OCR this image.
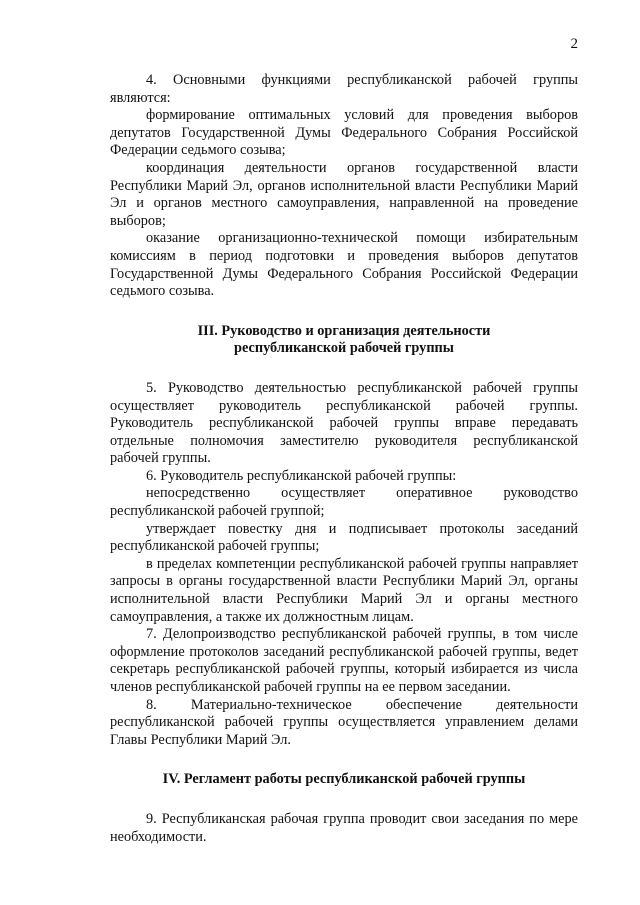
2

4. Основными функциями республиканской рабочей группы являются:

формирование оптимальных условий для проведения выборов депутатов Государственной Думы Федерального Собрания Российской Федерации седьмого созыва;

координация деятельности органов государственной власти Республики Марий Эл, органов исполнительной власти Республики Марий Эл и органов местного самоуправления, направленной на проведение выборов;

оказание организационно-технической помощи избирательным комиссиям в период подготовки и проведения выборов депутатов Государственной Думы Федерального Собрания Российской Федерации седьмого созыва.

III. Руководство и организация деятельности
республиканской рабочей группы

5. Руководство деятельностью республиканской рабочей группы осуществляет руководитель республиканской рабочей группы. Руководитель республиканской рабочей группы вправе передавать отдельные полномочия заместителю руководителя республиканской рабочей группы.

6. Руководитель республиканской рабочей группы:

непосредственно осуществляет оперативное руководство республиканской рабочей группой;

утверждает повестку дня и подписывает протоколы заседаний республиканской рабочей группы;

в пределах компетенции республиканской рабочей группы направляет запросы в органы государственной власти Республики Марий Эл, органы исполнительной власти Республики Марий Эл и органы местного самоуправления, а также их должностным лицам.

7. Делопроизводство республиканской рабочей группы, в том числе оформление протоколов заседаний республиканской рабочей группы, ведет секретарь республиканской рабочей группы, который избирается из числа членов республиканской рабочей группы на ее первом заседании.

8. Материально-техническое обеспечение деятельности республиканской рабочей группы осуществляется управлением делами Главы Республики Марий Эл.

IV. Регламент работы республиканской рабочей группы

9. Республиканская рабочая группа проводит свои заседания по мере необходимости.
